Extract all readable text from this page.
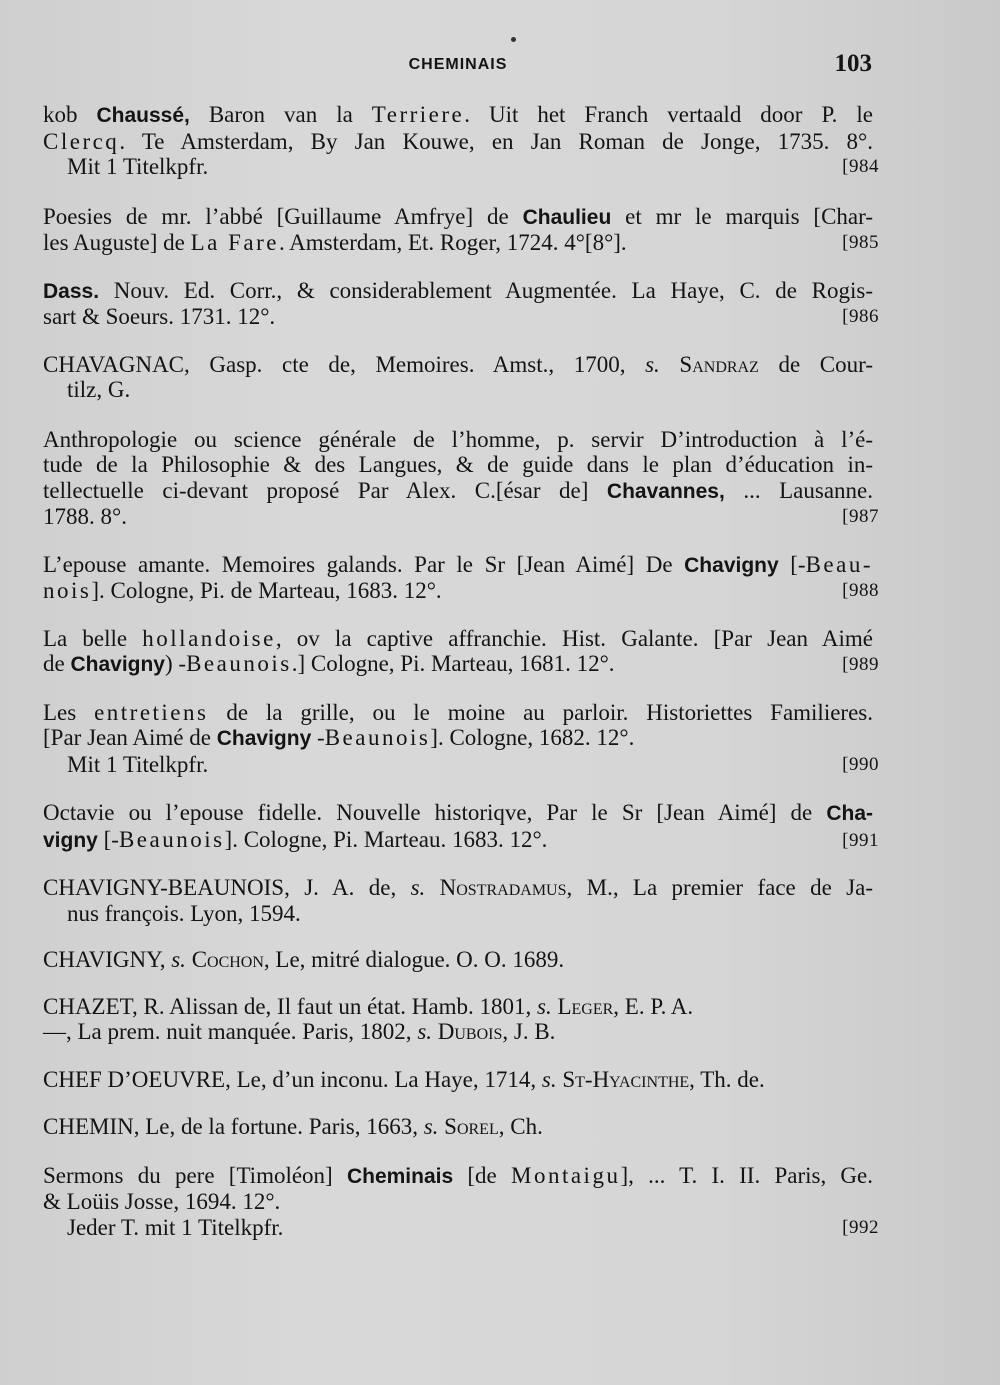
CHEMINAIS	103
kob Chaussé, Baron van la Terriere. Uit het Franch vertaald door P. le
Clercq. Te Amsterdam, By Jan Kouwe, en Jan Roman de Jonge, 1735. 8°.
Mit 1 Titelkpfr.	[984
Poesies de mr. l’abbé [Guillaume Amfrye] de Chaulieu et mr le marquis [Char-
les Auguste] de La Fare. Amsterdam, Et. Roger, 1724. 4°[8°].	[985
Dass. Nouv. Ed. Corr., & considerablement Augmentée. La Haye, C. de Rogis-
sart & Soeurs. 1731. 12°.	[986
CHAVAGNAC, Gasp. cte de, Memoires. Amst., 1700, s. Sandraz de Cour-
tilz, G.
Anthropologie ou science générale de l’homme, p. servir D’introduction à l’é-
tude de la Philosophie & des Langues, & de guide dans le plan d’éducation in-
tellectuelle ci-devant proposé Par Alex. C.[ésar de] Chavannes, ... Lausanne.
1788. 8°.	[987
L’epouse amante. Memoires galands. Par le Sr [Jean Aimé] De Chavigny [-Beau-
nois]. Cologne, Pi. de Marteau, 1683. 12°.	[988
La belle hollandoise, ov la captive affranchie. Hist. Galante. [Par Jean Aimé
de Chavigny) -Beaunois.] Cologne, Pi. Marteau, 1681. 12°.	[989
Les entretiens de la grille, ou le moine au parloir. Historiettes Familieres.
[Par Jean Aimé de Chavigny -Beaunois]. Cologne, 1682. 12°.
Mit 1 Titelkpfr.	[990
Octavie ou l’epouse fidelle. Nouvelle historiqve, Par le Sr [Jean Aimé] de Cha-
vigny [-Beaunois]. Cologne, Pi. Marteau. 1683. 12°.	[991
CHAVIGNY-BEAUNOIS, J. A. de, s. Nostradamus, M., La premier face de Ja-
nus françois. Lyon, 1594.
CHAVIGNY, s. Cochon, Le, mitré dialogue. O. O. 1689.
CHAZET, R. Alissan de, Il faut un état. Hamb. 1801, s. Leger, E. P. A.
—, La prem. nuit manquée. Paris, 1802, s. Dubois, J. B.
CHEF D’OEUVRE, Le, d’un inconu. La Haye, 1714, s. St-Hyacinthe, Th. de.
CHEMIN, Le, de la fortune. Paris, 1663, s. Sorel, Ch.
Sermons du pere [Timoléon] Cheminais [de Montaigu], ... T. I. II. Paris, Ge.
& Loüis Josse, 1694. 12°.
Jeder T. mit 1 Titelkpfr.	[992
